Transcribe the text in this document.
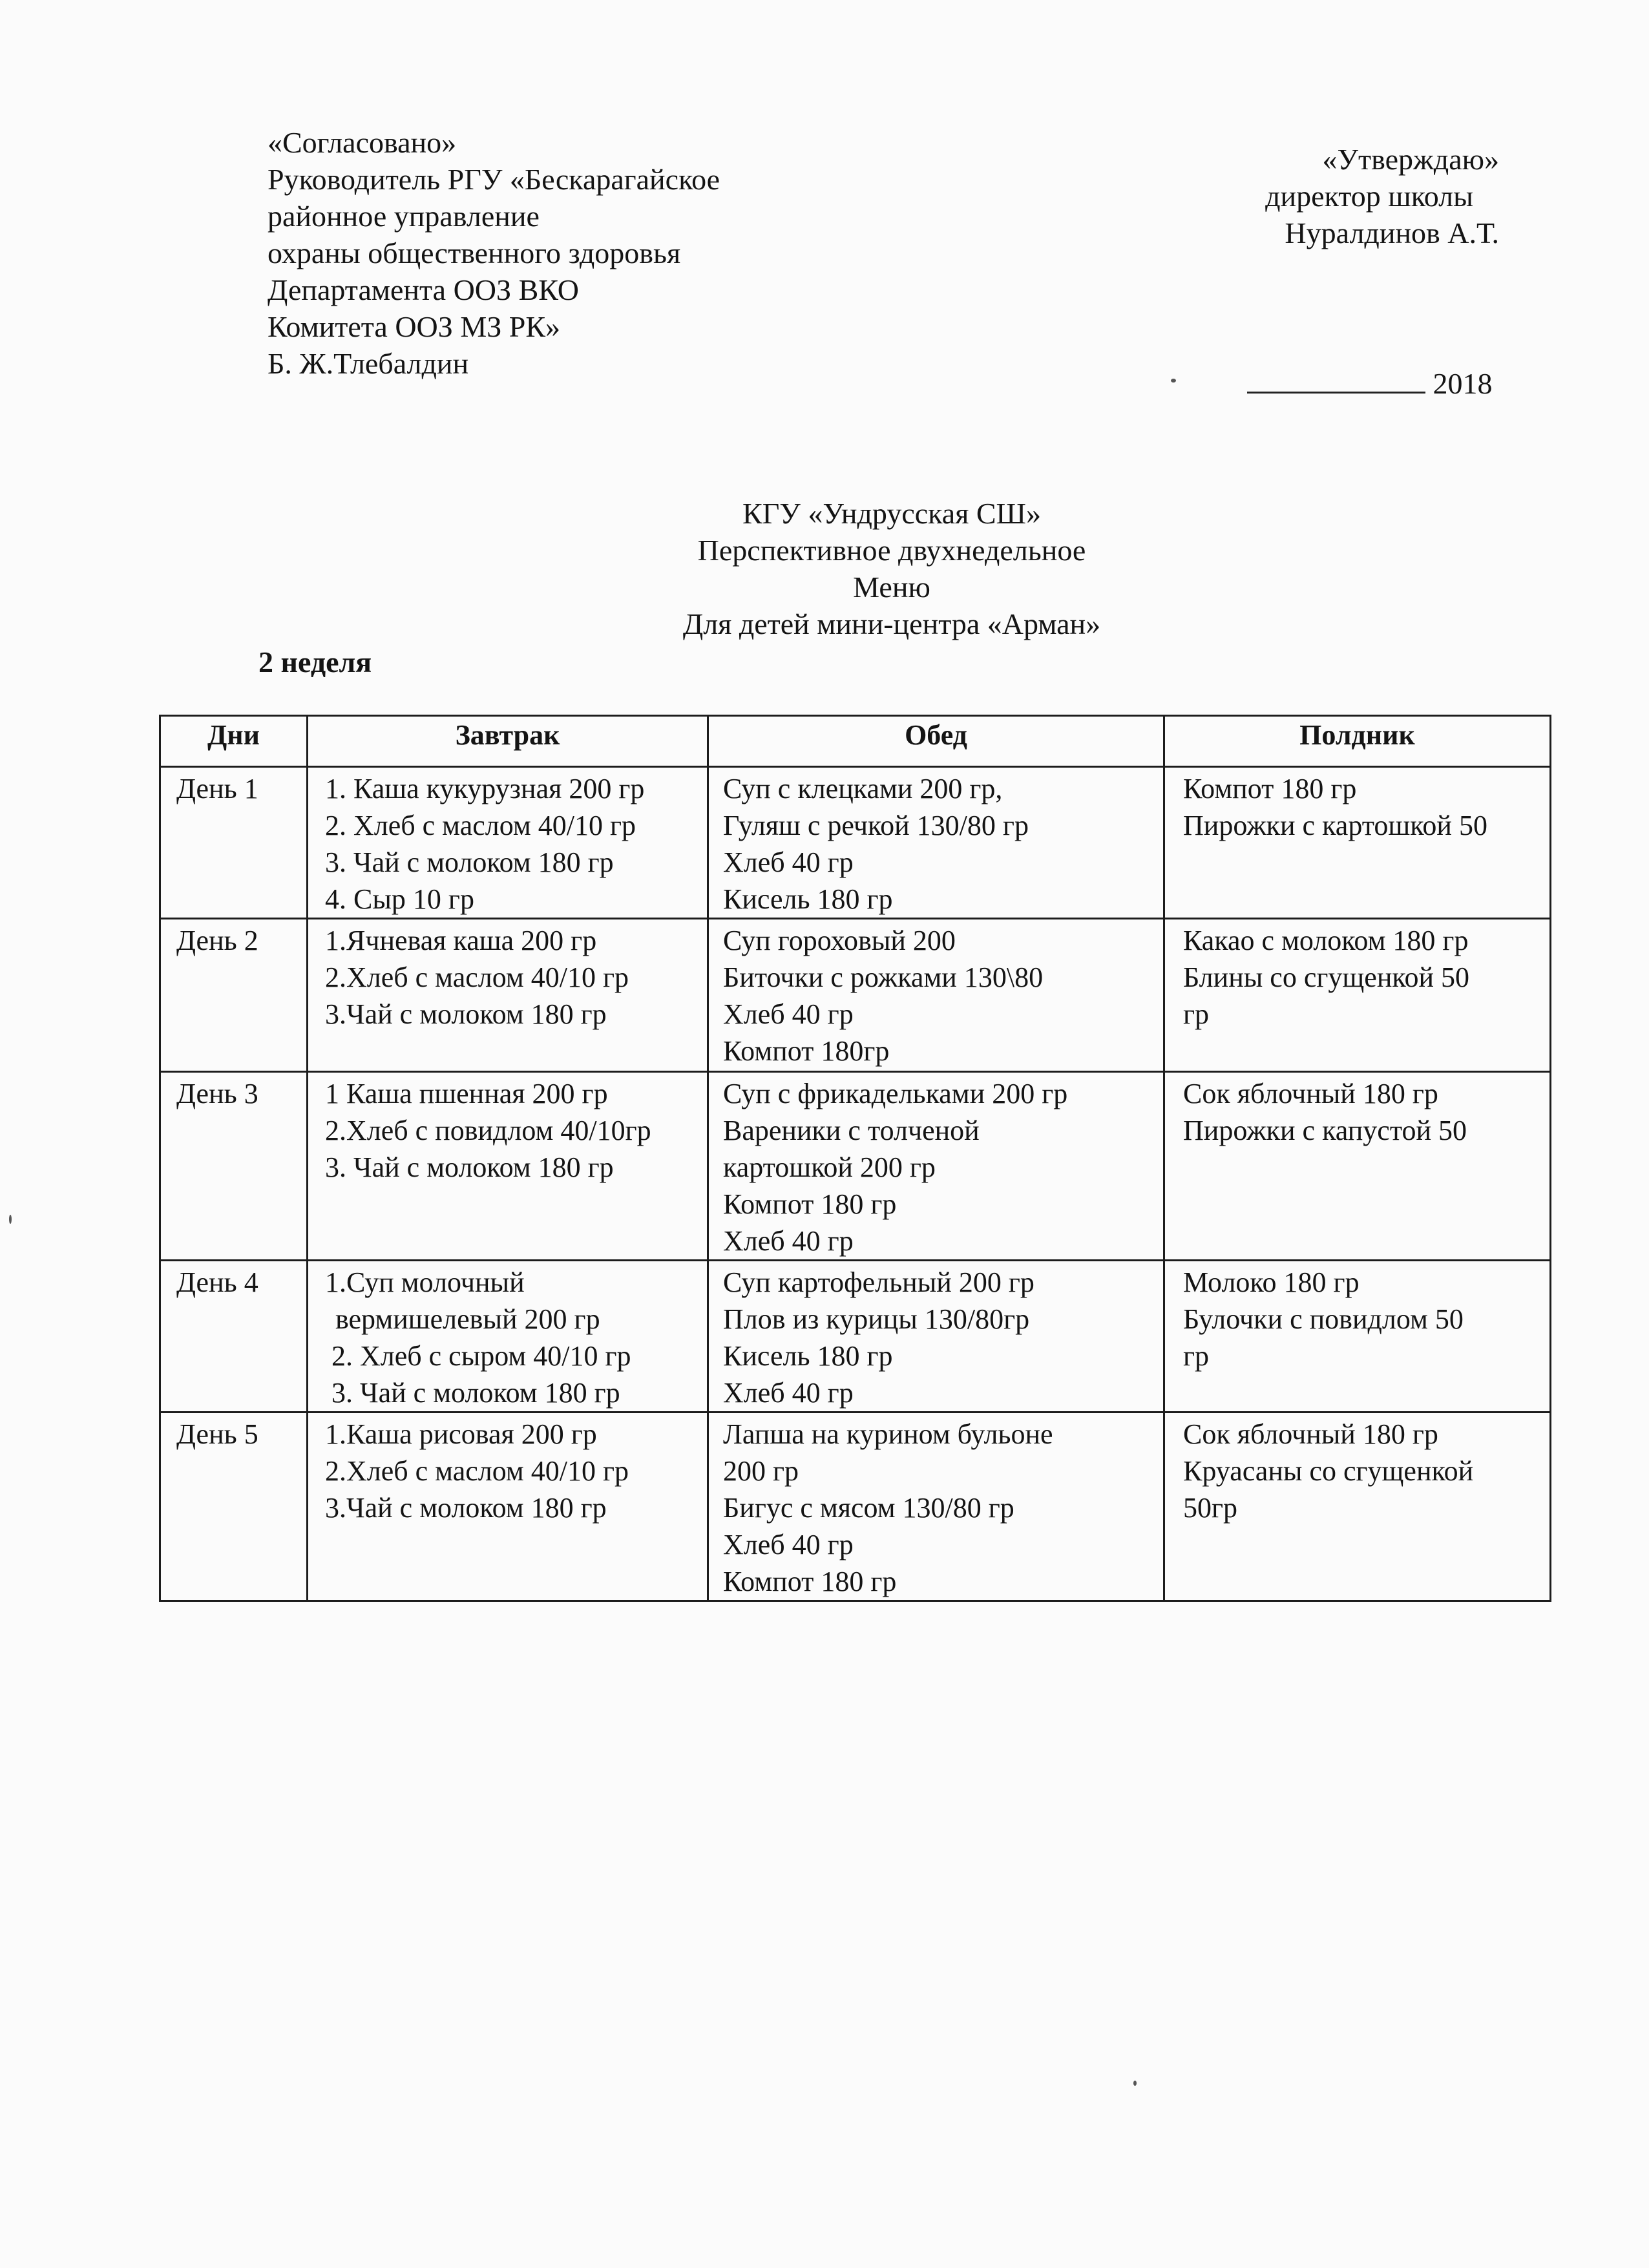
«Согласовано»

Руководитель РГУ «Бескарагайское

районное управление

охраны общественного здоровья

Департамента ООЗ ВКО

Комитета ООЗ МЗ РК»

Б. Ж.Тлебалдин

«Утверждаю»

директор школы

Нуралдинов А.Т.

2018

КГУ «Ундрусская СШ»

Перспективное двухнедельное

Меню

Для детей мини-центра «Арман»

2 неделя
Дни	Завтрак	Обед	Полдник
День 1	1. Каша кукурузная 200 гр
2. Хлеб с маслом 40/10 гр
3. Чай с молоком 180 гр
4. Сыр 10 гр	Суп с клецками 200 гр,
Гуляш с речкой 130/80 гр
Хлеб 40 гр
Кисель 180 гр	Компот 180 гр
Пирожки с картошкой 50

День 2	1.Ячневая каша 200 гр
2.Хлеб с маслом 40/10 гр
3.Чай с молоком 180 гр	Суп гороховый 200
Биточки с рожками 130\80
Хлеб 40 гр
Компот 180гр	Какао с молоком 180 гр
Блины со сгущенкой 50
гр

День 3	1 Каша пшенная 200 гр
2.Хлеб с повидлом 40/10гр
3. Чай с молоком 180 гр	Суп с фрикадельками 200 гр
Вареники с толченой
картошкой 200 гр
Компот 180 гр
Хлеб 40 гр	Сок яблочный 180 гр
Пирожки с капустой 50

День 4	1.Суп молочный
вермишелевый 200 гр
2. Хлеб с сыром 40/10 гр
3. Чай с молоком 180 гр	Суп картофельный 200 гр
Плов из курицы 130/80гр
Кисель 180 гр
Хлеб 40 гр	Молоко 180 гр
Булочки с повидлом 50
гр

День 5	1.Каша рисовая 200 гр
2.Хлеб с маслом 40/10 гр
3.Чай с молоком 180 гр	Лапша на курином бульоне
200 гр
Бигус с мясом 130/80 гр
Хлеб 40 гр
Компот 180 гр	Сок яблочный 180 гр
Круасаны со сгущенкой
50гр
